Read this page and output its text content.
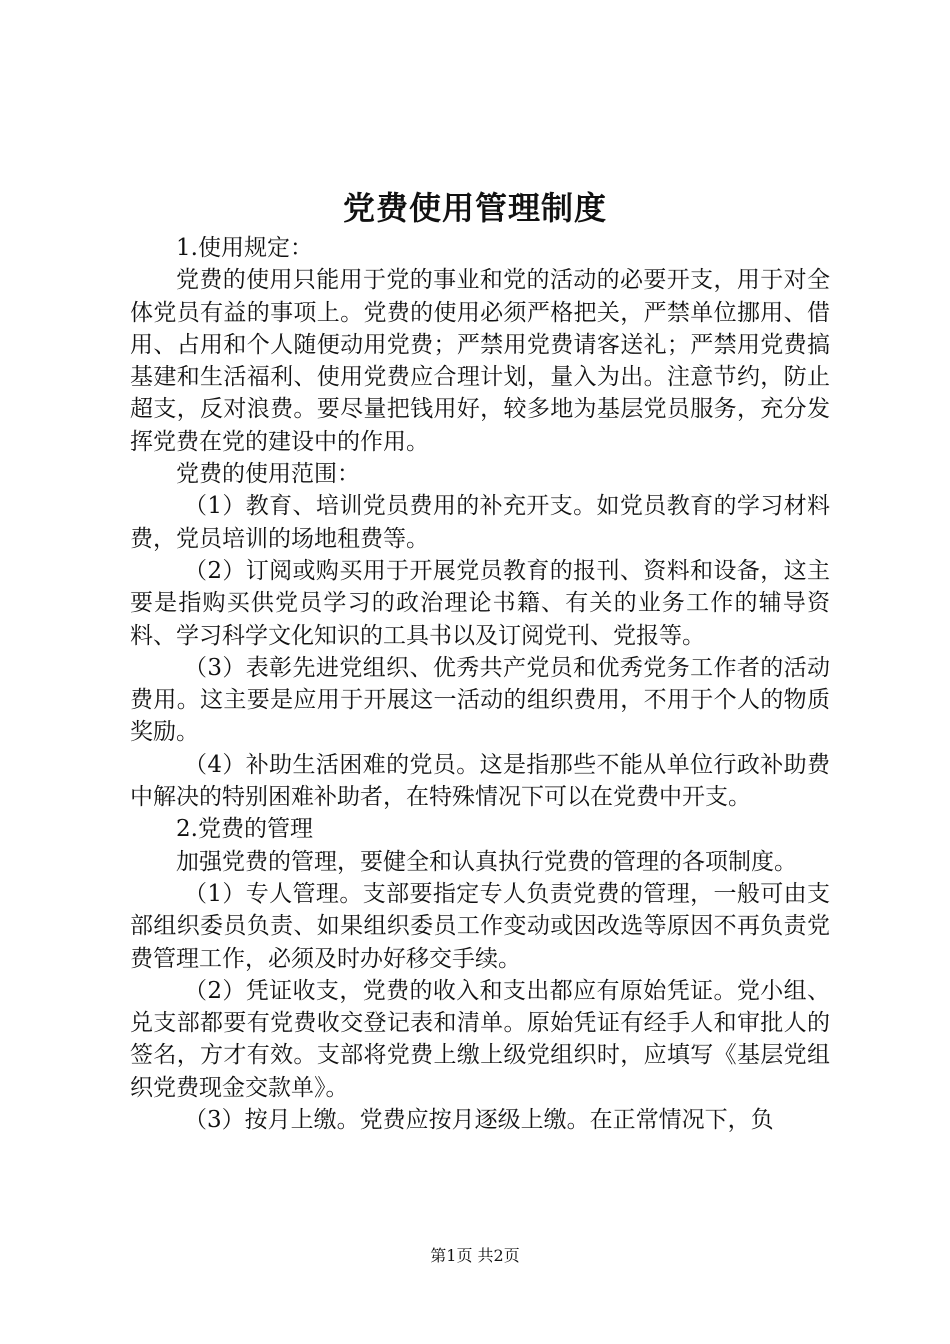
党费使用管理制度

1.使用规定：

党费的使用只能用于党的事业和党的活动的必要开支，用于对全体党员有益的事项上。党费的使用必须严格把关，严禁单位挪用、借用、占用和个人随便动用党费；严禁用党费请客送礼；严禁用党费搞基建和生活福利、使用党费应合理计划，量入为出。注意节约，防止超支，反对浪费。要尽量把钱用好，较多地为基层党员服务，充分发挥党费在党的建设中的作用。

党费的使用范围：

（1）教育、培训党员费用的补充开支。如党员教育的学习材料费，党员培训的场地租费等。

（2）订阅或购买用于开展党员教育的报刊、资料和设备，这主要是指购买供党员学习的政治理论书籍、有关的业务工作的辅导资料、学习科学文化知识的工具书以及订阅党刊、党报等。

（3）表彰先进党组织、优秀共产党员和优秀党务工作者的活动费用。这主要是应用于开展这一活动的组织费用，不用于个人的物质奖励。

（4）补助生活困难的党员。这是指那些不能从单位行政补助费中解决的特别困难补助者，在特殊情况下可以在党费中开支。

2.党费的管理

加强党费的管理，要健全和认真执行党费的管理的各项制度。

（1）专人管理。支部要指定专人负责党费的管理，一般可由支部组织委员负责、如果组织委员工作变动或因改选等原因不再负责党费管理工作，必须及时办好移交手续。

（2）凭证收支，党费的收入和支出都应有原始凭证。党小组、兑支部都要有党费收交登记表和清单。原始凭证有经手人和审批人的签名，方才有效。支部将党费上缴上级党组织时，应填写《基层党组织党费现金交款单》。

（3）按月上缴。党费应按月逐级上缴。在正常情况下，负

第1页 共2页
